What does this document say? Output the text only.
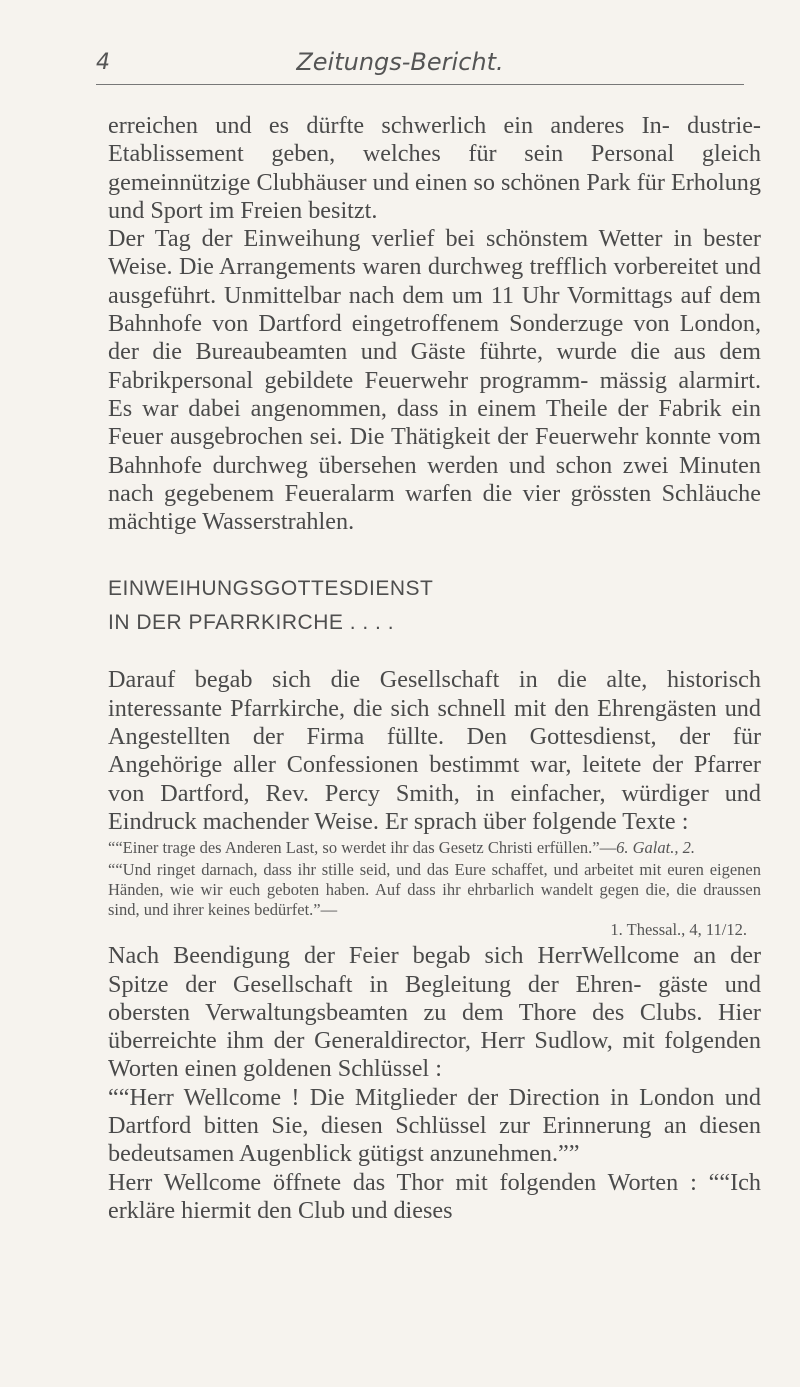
4	Zeitungs-Bericht.

erreichen und es dürfte schwerlich ein anderes In- dustrie-Etablissement geben, welches für sein Personal gleich gemeinnützige Clubhäuser und einen so schönen Park für Erholung und Sport im Freien besitzt.

Der Tag der Einweihung verlief bei schönstem Wetter in bester Weise. Die Arrangements waren durchweg trefflich vorbereitet und ausgeführt. Unmittelbar nach dem um 11 Uhr Vormittags auf dem Bahnhofe von Dartford eingetroffenem Sonderzuge von London, der die Bureaubeamten und Gäste führte, wurde die aus dem Fabrikpersonal gebildete Feuerwehr programm- mässig alarmirt. Es war dabei angenommen, dass in einem Theile der Fabrik ein Feuer ausgebrochen sei. Die Thätigkeit der Feuerwehr konnte vom Bahnhofe durchweg übersehen werden und schon zwei Minuten nach gegebenem Feueralarm warfen die vier grössten Schläuche mächtige Wasserstrahlen.

EINWEIHUNGSGOTTESDIENST
IN DER PFARRKIRCHE . . . .

Darauf begab sich die Gesellschaft in die alte, historisch interessante Pfarrkirche, die sich schnell mit den Ehrengästen und Angestellten der Firma füllte. Den Gottesdienst, der für Angehörige aller Confessionen bestimmt war, leitete der Pfarrer von Dartford, Rev. Percy Smith, in einfacher, würdiger und Eindruck machender Weise. Er sprach über folgende Texte :

““ Einer trage des Anderen Last, so werdet ihr das Gesetz Christi erfüllen.”—6. Galat., 2.
““ Und ringet darnach, dass ihr stille seid, und das Eure schaffet, und arbeitet mit euren eigenen Händen, wie wir euch geboten haben. Auf dass ihr ehrbarlich wandelt gegen die, die draussen sind, und ihrer keines bedürfet.”—
1. Thessal., 4, 11/12.

Nach Beendigung der Feier begab sich HerrWellcome an der Spitze der Gesellschaft in Begleitung der Ehren- gäste und obersten Verwaltungsbeamten zu dem Thore des Clubs. Hier überreichte ihm der Generaldirector, Herr Sudlow, mit folgenden Worten einen goldenen Schlüssel :

““Herr Wellcome ! Die Mitglieder der Direction in London und Dartford bitten Sie, diesen Schlüssel zur Erinnerung an diesen bedeutsamen Augenblick gütigst anzunehmen.””

Herr Wellcome öffnete das Thor mit folgenden Worten : ““Ich erkläre hiermit den Club und dieses
